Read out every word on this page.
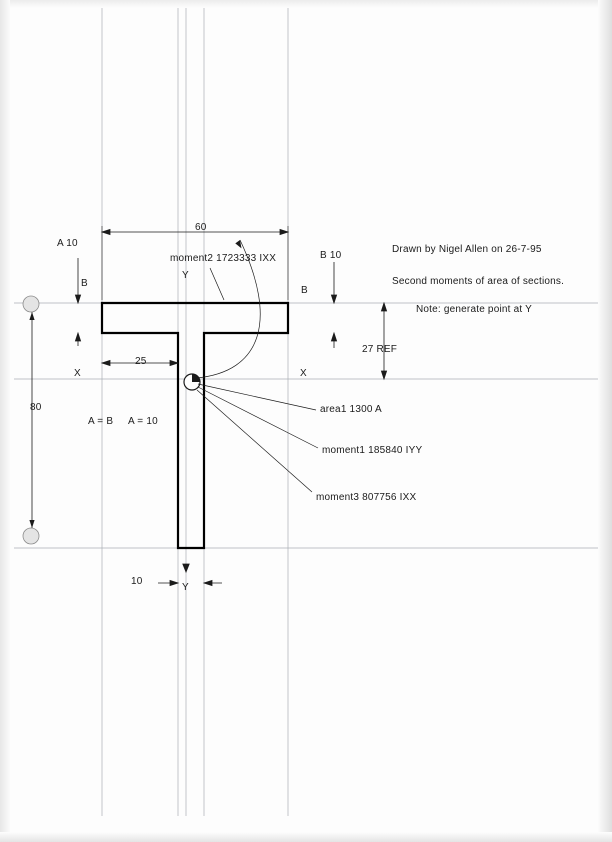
60
A 10
B 10
B
B
25
27 REF
80
10
Y
Y
X	X
A = B A = 10
moment2 1723333 IXX
area1 1300 A
moment1 185840 IYY
moment3 807756 IXX
Drawn by Nigel Allen on 26-7-95
Second moments of area of sections.
Note: generate point at Y
